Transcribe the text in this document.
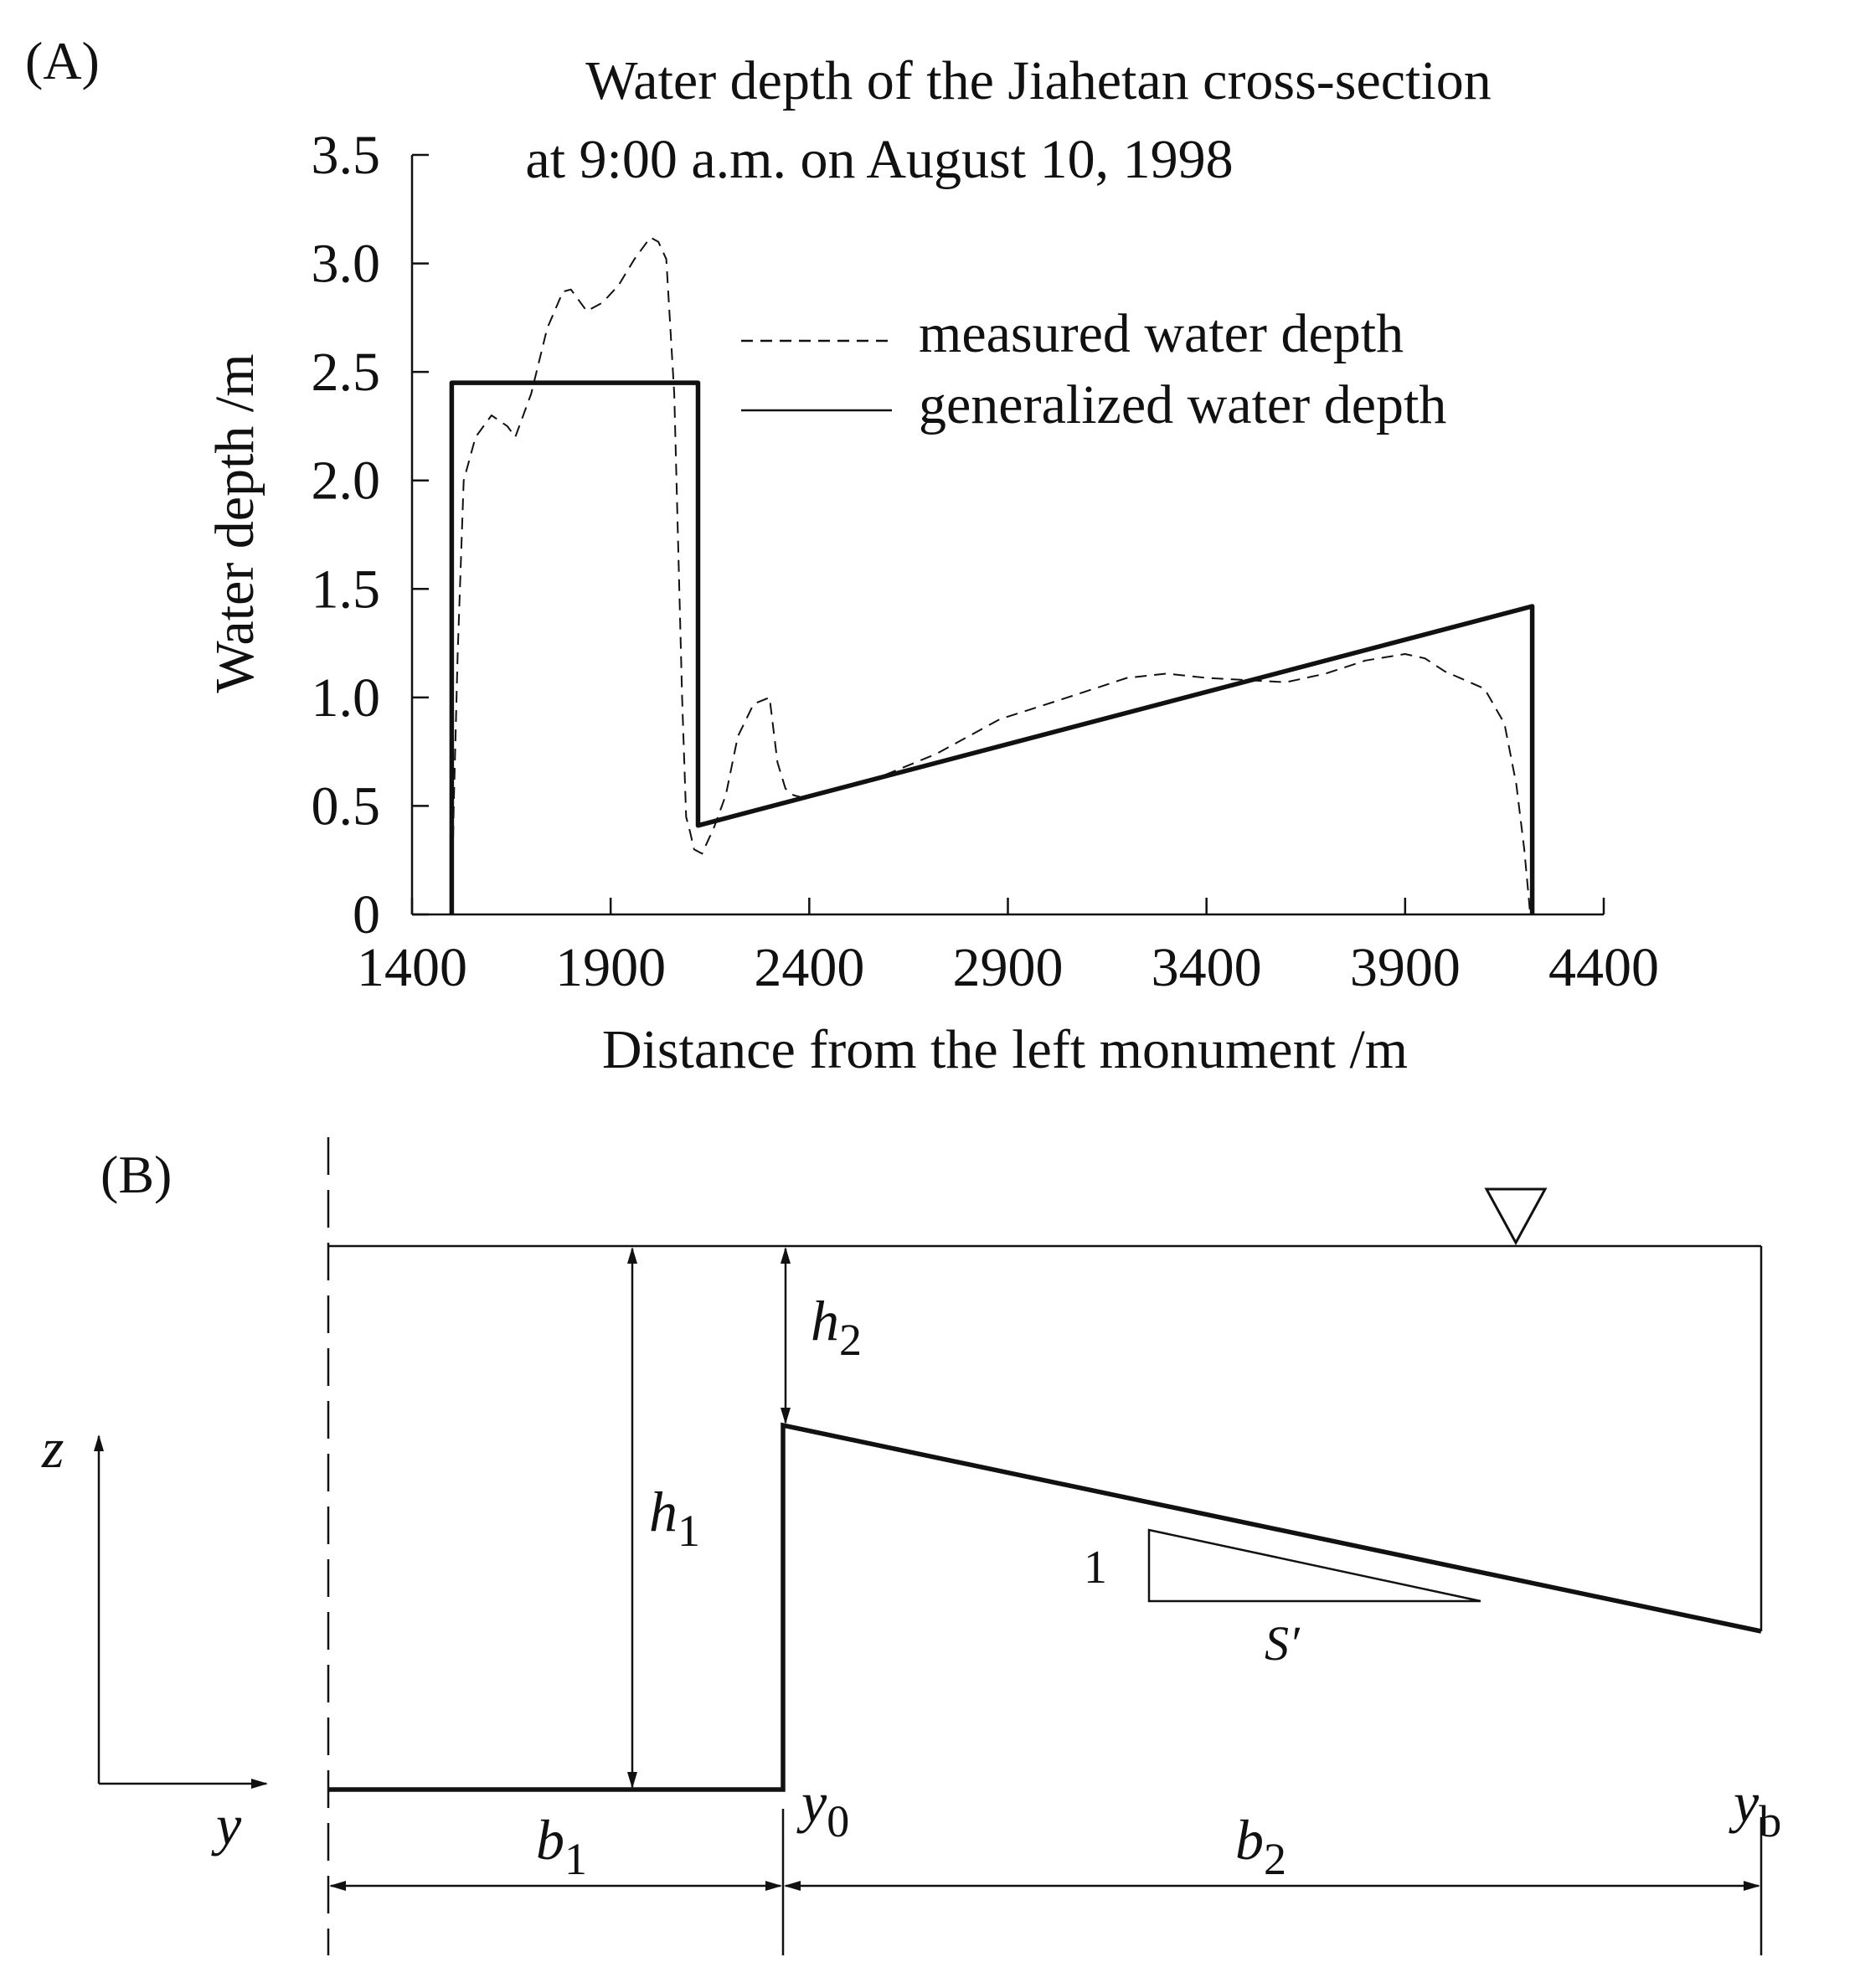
(A)	Water depth of the Jiahetan cross-section
at 9:00 a.m. on August 10, 1998
0
0.5
1.0
1.5
2.0
2.5
3.0
3.5
1400 1900 2400 2900 3400 3900 4400
Water depth /m
Distance from the left monument /m
measured water depth
generalized water depth
(B)
$h_2$
$h_1$
1
S′
z
y	$y_0$	$y_b$
$b_1$	$b_2$
